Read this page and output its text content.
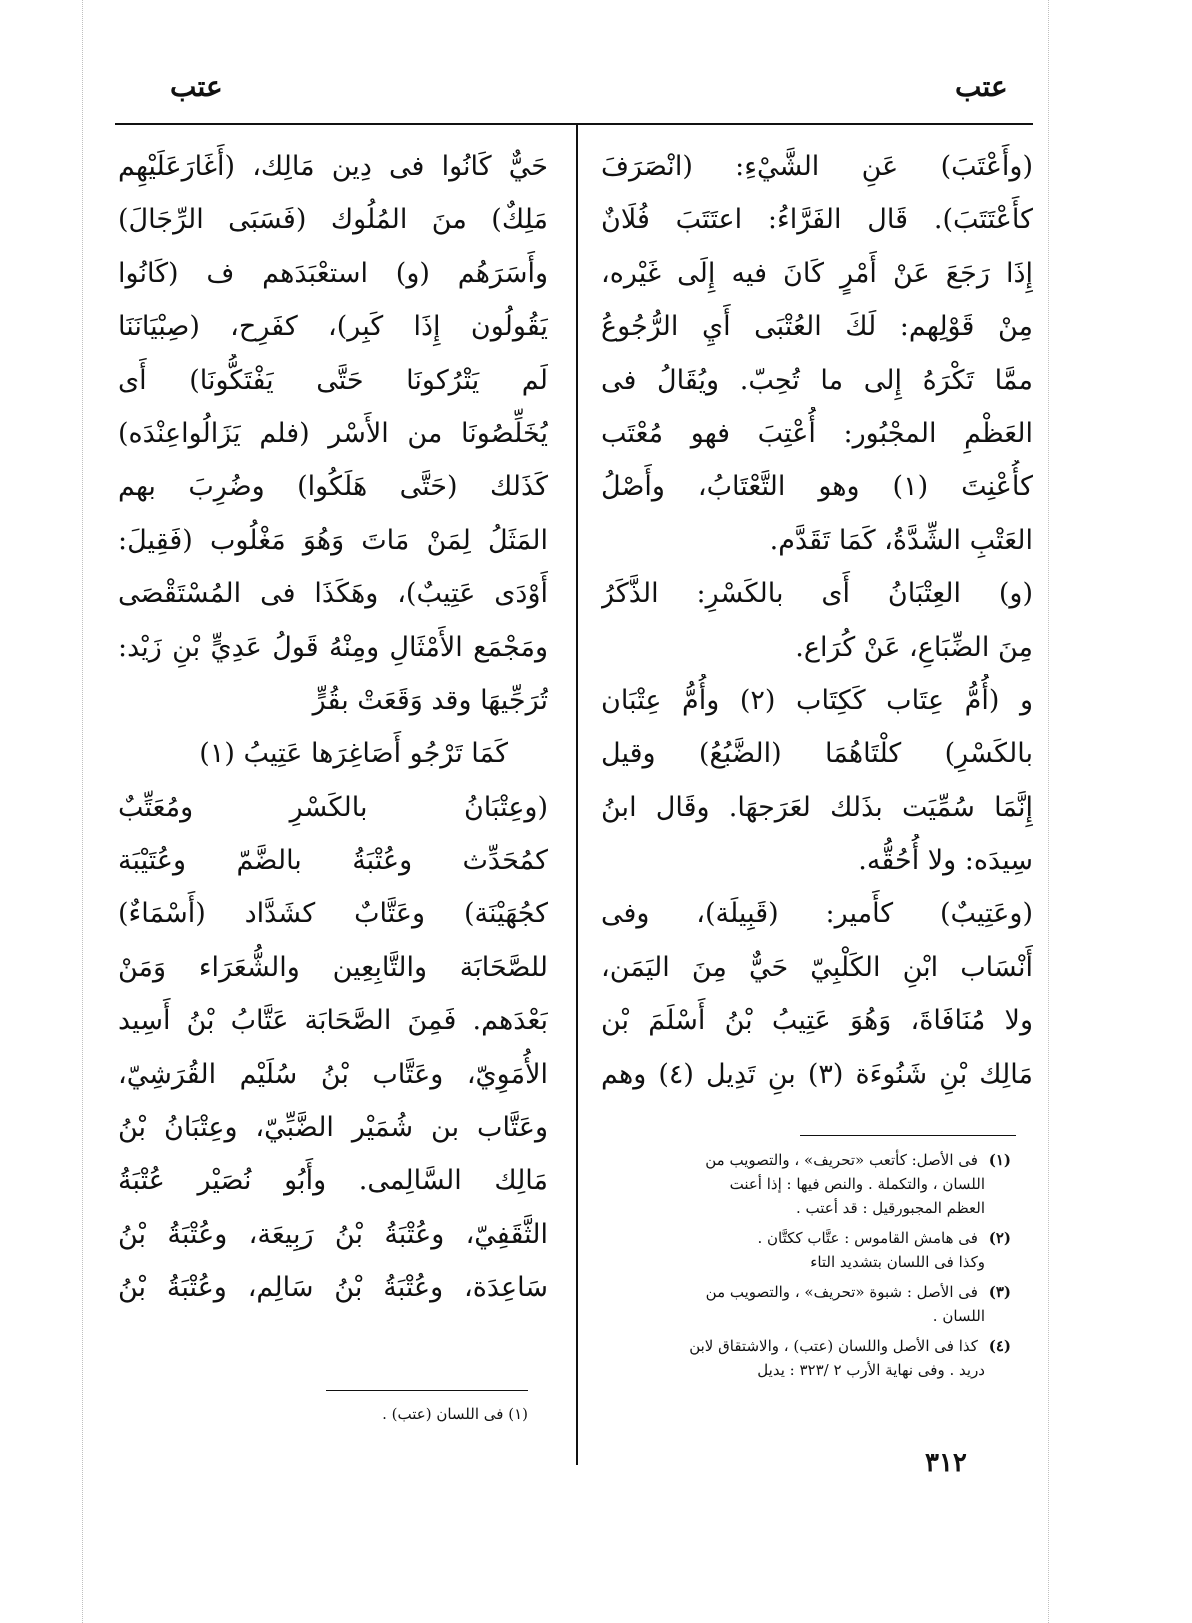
عتب	عتب
(وأَعْتَبَ) عَنِ الشَّيْءِ: (انْصَرَفَ
كأَعْتَتَبَ). قَال الفَرَّاءُ: اعتَتَبَ فُلَانٌ
إِذَا رَجَعَ عَنْ أَمْرٍ كَانَ فيه إِلَى غَيْره،
مِنْ قَوْلِهم: لَكَ العُتْبَى أَيِ الرُّجُوعُ
ممَّا تَكْرَهُ إِلى ما تُحِبّ. ويُقَالُ فى
العَظْمِ المجْبُور: أُعْتِبَ فهو مُعْتَب
كأُعْنِتَ (١) وهو التَّعْتَابُ، وأَصْلُ
العَتْبِ الشِّدَّةُ، كَمَا تَقَدَّم.
(و) العِتْبَانُ أَى بالكَسْرِ: الذَّكَرُ
مِنَ الضِّبَاعِ، عَنْ كُرَاع.
و (أُمُّ عِتَاب كَكِتَاب (٢) وأُمُّ عِتْبَان
بالكَسْرِ) كلْتَاهُمَا (الضَّبُعُ) وقيل
إِنَّمَا سُمِّيَت بذَلك لعَرَجهَا. وقَال ابنُ
سِيدَه: ولا أُحُقُّه.
(وعَتِيبٌ) كأَمير: (قَبِيلَة)، وفى
أَنْسَاب ابْنِ الكَلْبِيّ حَيٌّ مِنَ اليَمَن،
ولا مُنَافَاةَ، وَهُوَ عَتِيبُ بْنُ أَسْلَمَ بْن
مَالِك بْنِ شَنُوءَة (٣) بنِ تَدِيل (٤) وهم
حَيٌّ كَانُوا فى دِين مَالِك، (أَغَارَعَلَيْهِم
مَلِكٌ) منَ المُلُوك (فَسَبَى الرِّجَالَ)
وأَسَرَهُم (و) استعْبَدَهم ف (كَانُوا
يَقُولُون إِذَا كَبِر)، كفَرِح، (صِبْيَانَنَا
لَم يَتْرُكونَا حَتَّى يَفْتَكُّونَا) أَى
يُخَلِّصُونَا من الأَسْر (فلم يَزَالُواعِنْدَه)
كَذَلك (حَتَّى هَلَكُوا) وضُرِبَ بهم
المَثَلُ لِمَنْ مَاتَ وَهُوَ مَغْلُوب (فَقِيلَ:
أَوْدَى عَتِيبٌ)، وهَكَذَا فى المُسْتَقْصَى
ومَجْمَع الأَمْثَالِ ومِنْهُ قَولُ عَدِيٍّ بْنِ زَيْد:
تُرَجِّيهَا وقد وَقَعَتْ بقُرٍّ
كَمَا تَرْجُو أَصَاغِرَها عَتِيبُ (١)
(وعِتْبَانُ بالكَسْرِ ومُعَتِّبٌ
كمُحَدِّث وعُتْبَةُ بالضَّمّ وعُتَيْبَة
كجُهَيْنَة) وعَتَّابٌ كشَدَّاد (أَسْمَاءٌ)
للصَّحَابَة والتَّابِعِين والشُّعَرَاء وَمَنْ
بَعْدَهم. فَمِنَ الصَّحَابَة عَتَّابُ بْنُ أَسِيد
الأُمَوِيّ، وعَتَّاب بْنُ سُلَيْم القُرَشِيّ،
وعَتَّاب بن شُمَيْر الضَّبِّيّ، وعِتْبَانُ بْنُ
مَالِك السَّالِمى. وأَبُو نُصَيْر عُتْبَةُ
الثَّقَفِيّ، وعُتْبَةُ بْنُ رَبِيعَة، وعُتْبَةُ بْنُ
سَاعِدَة، وعُتْبَةُ بْنُ سَالِم، وعُتْبَةُ بْنُ
(١) فى الأصل: كأتعب «تحريف» ، والتصويب من
اللسان ، والتكملة . والنص فيها : إذا أعنت
العظم المجبورقيل : قد أعتب .
(٢) فى هامش القاموس : عتَّاب ككتَّان .
وكذا فى اللسان بتشديد التاء
(٣) فى الأصل : شبوة «تحريف» ، والتصويب من
اللسان .
(٤) كذا فى الأصل واللسان (عتب) ، والاشتقاق لابن
دريد . وفى نهاية الأرب ٢ /٣٢٣ : يديل
(١) فى اللسان (عتب) .
٣١٢
